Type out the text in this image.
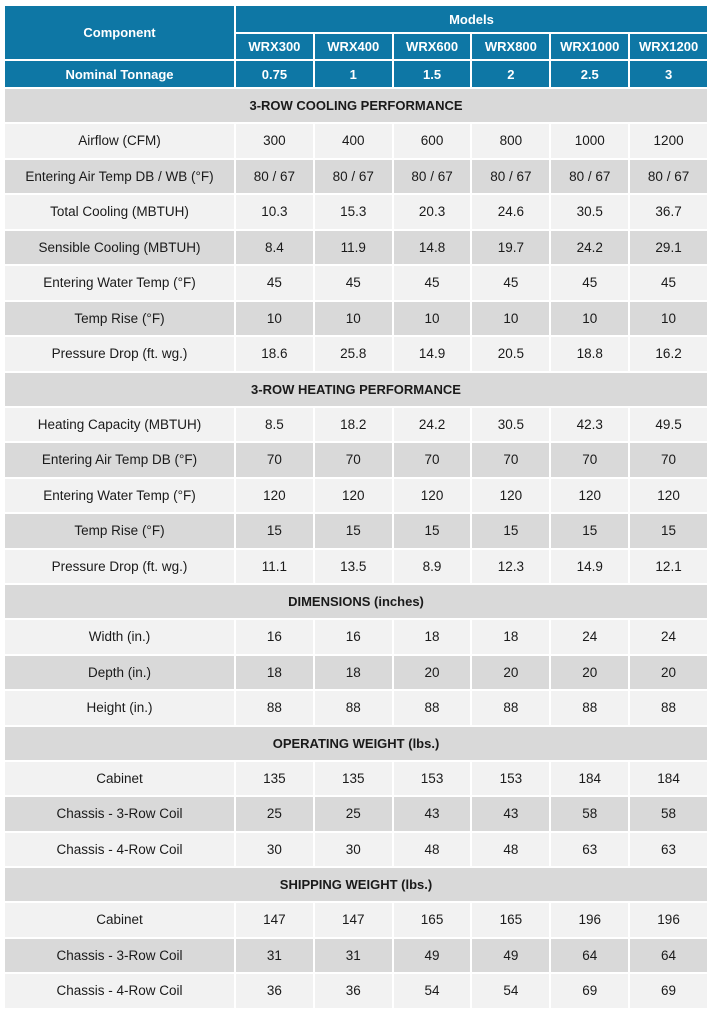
Component	Models					
	WRX300	WRX400	WRX600	WRX800	WRX1000	WRX1200
Nominal Tonnage	0.75	1	1.5	2	2.5	3
3-ROW COOLING PERFORMANCE						
Airflow (CFM)	300	400	600	800	1000	1200
Entering Air Temp DB / WB (°F)	80 / 67	80 / 67	80 / 67	80 / 67	80 / 67	80 / 67
Total Cooling (MBTUH)	10.3	15.3	20.3	24.6	30.5	36.7
Sensible Cooling (MBTUH)	8.4	11.9	14.8	19.7	24.2	29.1
Entering Water Temp (°F)	45	45	45	45	45	45
Temp Rise (°F)	10	10	10	10	10	10
Pressure Drop (ft. wg.)	18.6	25.8	14.9	20.5	18.8	16.2
3-ROW HEATING PERFORMANCE						
Heating Capacity (MBTUH)	8.5	18.2	24.2	30.5	42.3	49.5
Entering Air Temp DB (°F)	70	70	70	70	70	70
Entering Water Temp (°F)	120	120	120	120	120	120
Temp Rise (°F)	15	15	15	15	15	15
Pressure Drop (ft. wg.)	11.1	13.5	8.9	12.3	14.9	12.1
DIMENSIONS (inches)						
Width (in.)	16	16	18	18	24	24
Depth (in.)	18	18	20	20	20	20
Height (in.)	88	88	88	88	88	88
OPERATING WEIGHT (lbs.)						
Cabinet	135	135	153	153	184	184
Chassis - 3-Row Coil	25	25	43	43	58	58
Chassis - 4-Row Coil	30	30	48	48	63	63
SHIPPING WEIGHT (lbs.)						
Cabinet	147	147	165	165	196	196
Chassis - 3-Row Coil	31	31	49	49	64	64
Chassis - 4-Row Coil	36	36	54	54	69	69
